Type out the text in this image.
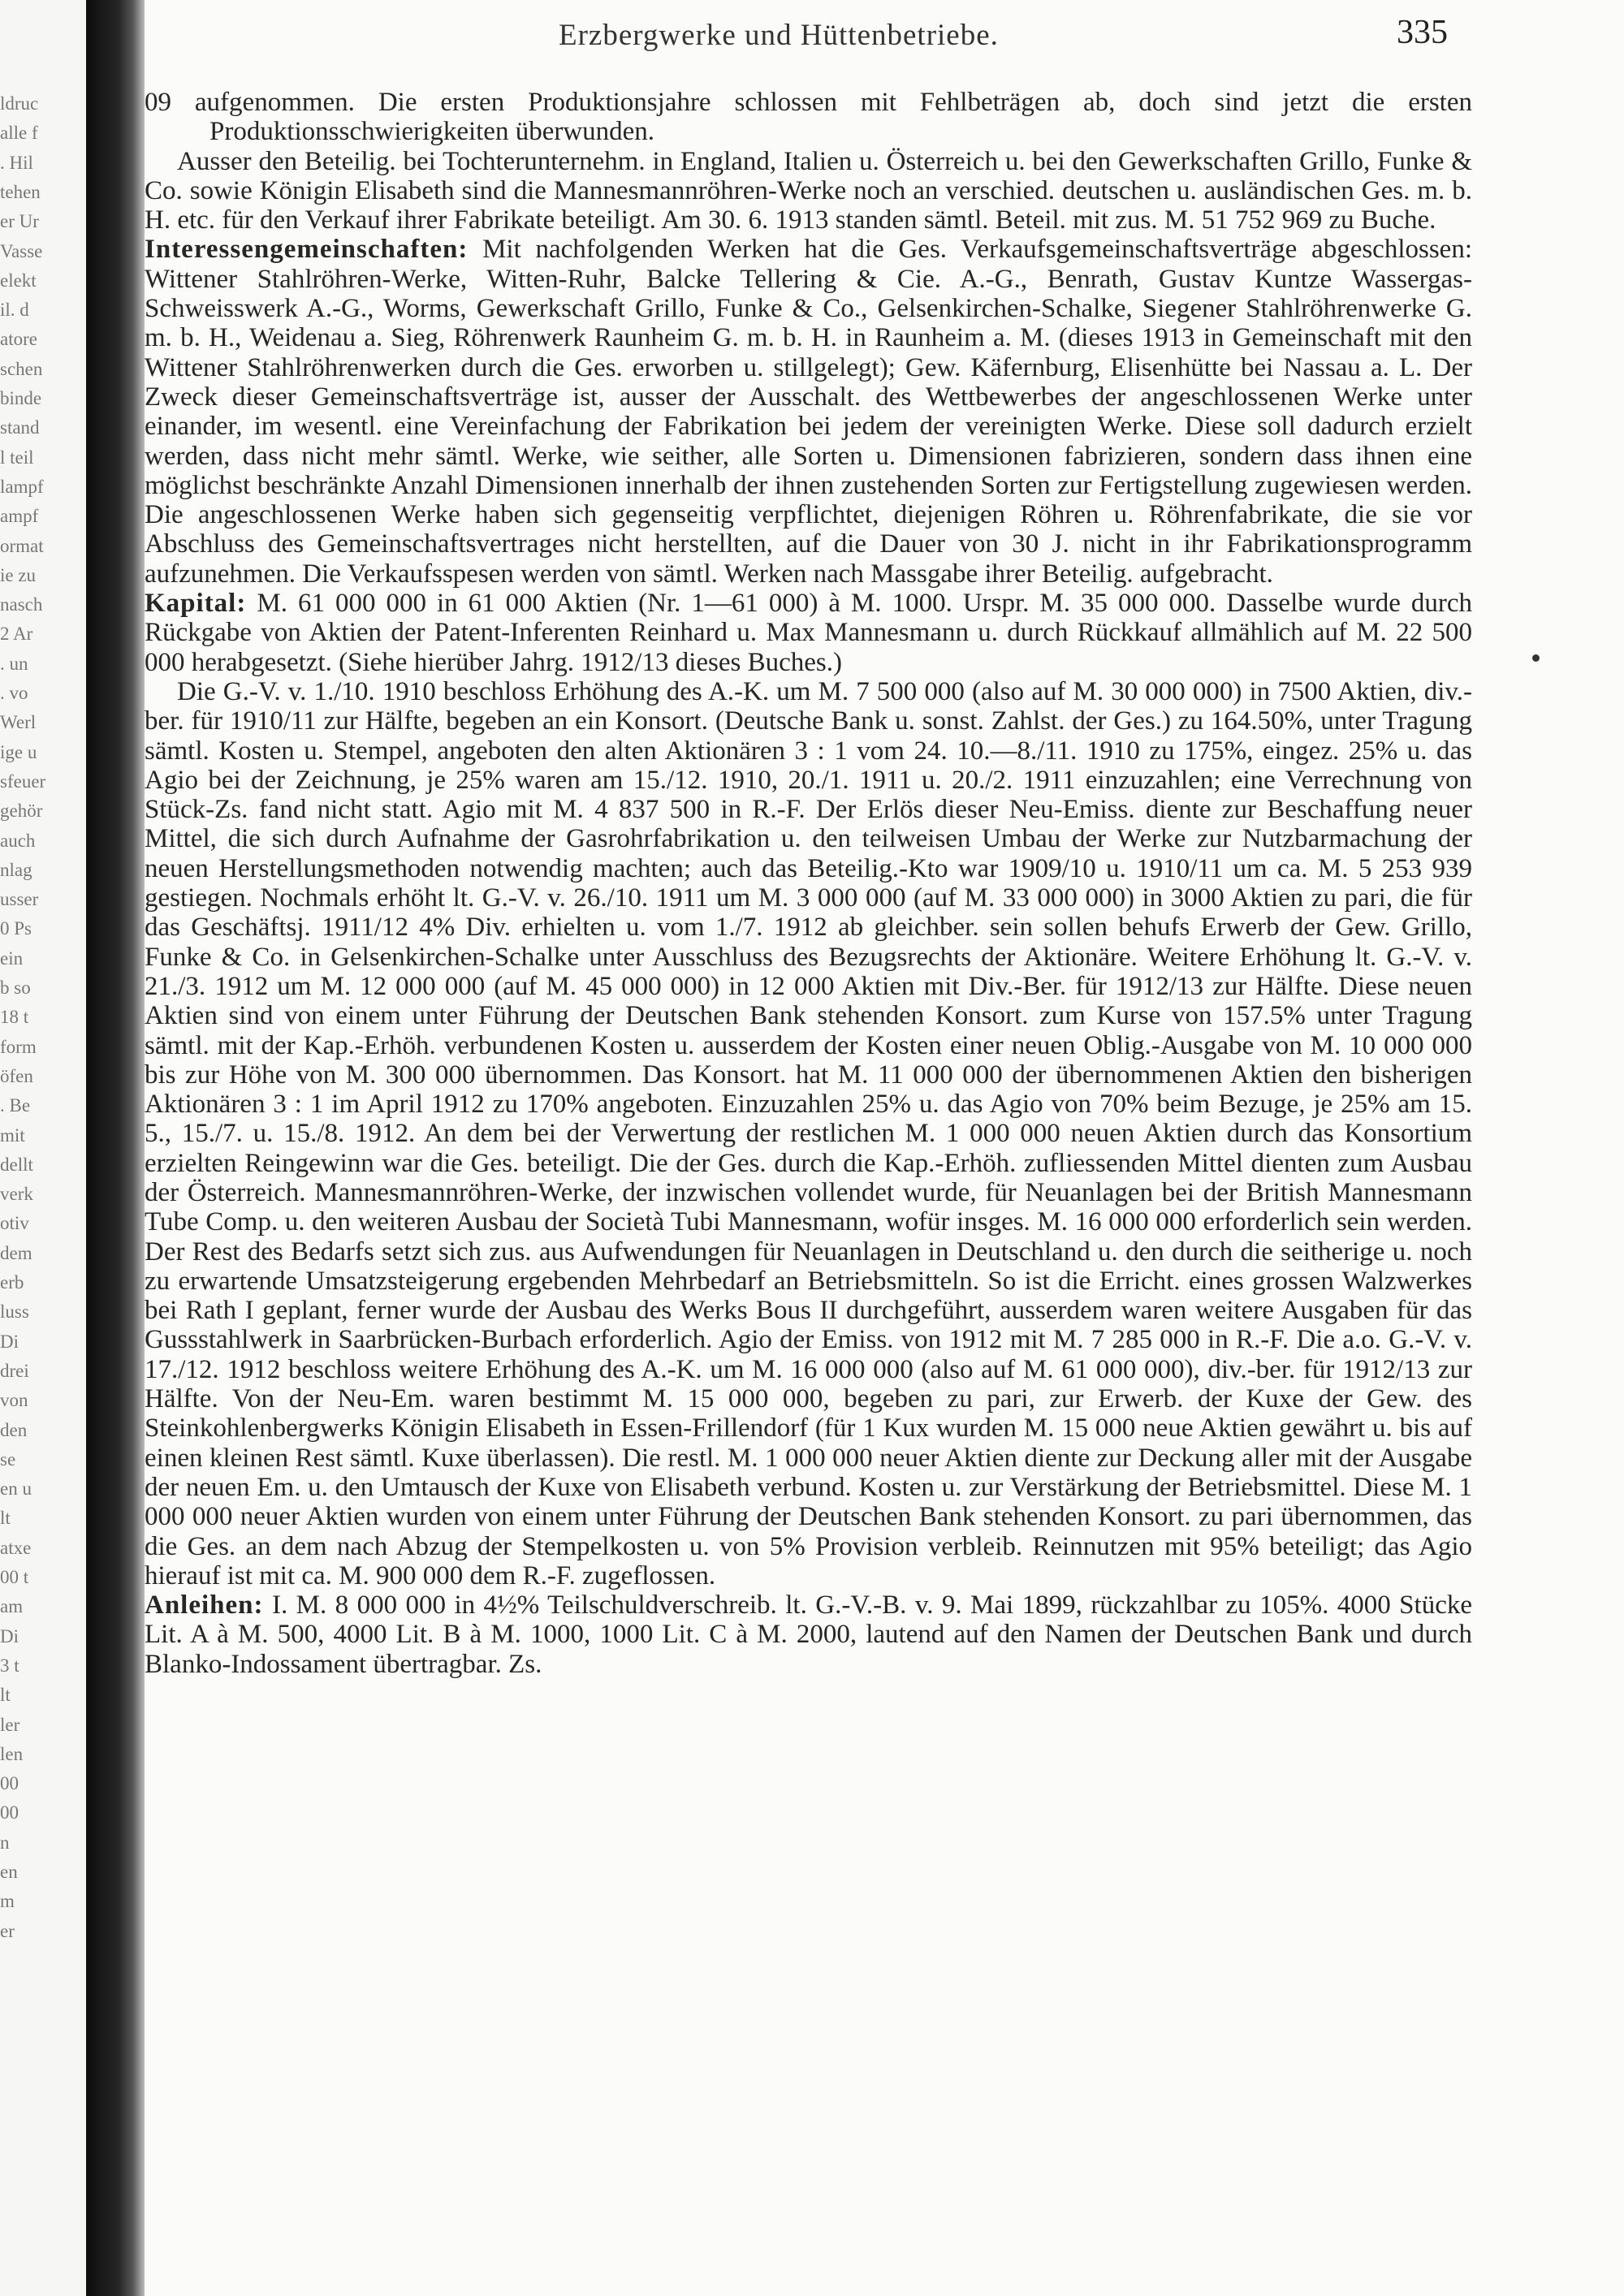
ldruc
alle f
. Hil
tehen
er Ur
Vasse
elekt
il. d
atore
schen
binde
stand
l teil
lampf
ampf
ormat
ie zu
nasch
2 Ar
. un
. vo
Werl
ige u
sfeuer
gehör
auch
nlag
usser
0 Ps
ein
b so
18 t
form
öfen
. Be
mit
dellt
verk
otiv
dem
erb
luss
Di
drei
von
den
se
en u
lt
atxe
00 t
am
Di
3 t
lt
ler
len
00
00
n
en
m
er
Erzbergwerke und Hüttenbetriebe.	335

09 aufgenommen. Die ersten Produktionsjahre schlossen mit Fehlbeträgen ab, doch sind jetzt die ersten Produktionsschwierigkeiten überwunden.

Ausser den Beteilig. bei Tochterunternehm. in England, Italien u. Österreich u. bei den Gewerkschaften Grillo, Funke & Co. sowie Königin Elisabeth sind die Mannesmannröhren-Werke noch an verschied. deutschen u. ausländischen Ges. m. b. H. etc. für den Verkauf ihrer Fabrikate beteiligt. Am 30. 6. 1913 standen sämtl. Beteil. mit zus. M. 51 752 969 zu Buche.

Interessengemeinschaften: Mit nachfolgenden Werken hat die Ges. Verkaufsgemeinschaftsverträge abgeschlossen: Wittener Stahlröhren-Werke, Witten-Ruhr, Balcke Tellering & Cie. A.-G., Benrath, Gustav Kuntze Wassergas-Schweisswerk A.-G., Worms, Gewerkschaft Grillo, Funke & Co., Gelsenkirchen-Schalke, Siegener Stahlröhrenwerke G. m. b. H., Weidenau a. Sieg, Röhrenwerk Raunheim G. m. b. H. in Raunheim a. M. (dieses 1913 in Gemeinschaft mit den Wittener Stahlröhrenwerken durch die Ges. erworben u. stillgelegt); Gew. Käfernburg, Elisenhütte bei Nassau a. L. Der Zweck dieser Gemeinschaftsverträge ist, ausser der Ausschalt. des Wettbewerbes der angeschlossenen Werke unter einander, im wesentl. eine Vereinfachung der Fabrikation bei jedem der vereinigten Werke. Diese soll dadurch erzielt werden, dass nicht mehr sämtl. Werke, wie seither, alle Sorten u. Dimensionen fabrizieren, sondern dass ihnen eine möglichst beschränkte Anzahl Dimensionen innerhalb der ihnen zustehenden Sorten zur Fertigstellung zugewiesen werden. Die angeschlossenen Werke haben sich gegenseitig verpflichtet, diejenigen Röhren u. Röhrenfabrikate, die sie vor Abschluss des Gemeinschaftsvertrages nicht herstellten, auf die Dauer von 30 J. nicht in ihr Fabrikationsprogramm aufzunehmen. Die Verkaufsspesen werden von sämtl. Werken nach Massgabe ihrer Beteilig. aufgebracht.

Kapital: M. 61 000 000 in 61 000 Aktien (Nr. 1—61 000) à M. 1000. Urspr. M. 35 000 000. Dasselbe wurde durch Rückgabe von Aktien der Patent-Inferenten Reinhard u. Max Mannesmann u. durch Rückkauf allmählich auf M. 22 500 000 herabgesetzt. (Siehe hierüber Jahrg. 1912/13 dieses Buches.)

Die G.-V. v. 1./10. 1910 beschloss Erhöhung des A.-K. um M. 7 500 000 (also auf M. 30 000 000) in 7500 Aktien, div.-ber. für 1910/11 zur Hälfte, begeben an ein Konsort. (Deutsche Bank u. sonst. Zahlst. der Ges.) zu 164.50%, unter Tragung sämtl. Kosten u. Stempel, angeboten den alten Aktionären 3 : 1 vom 24. 10.—8./11. 1910 zu 175%, eingez. 25% u. das Agio bei der Zeichnung, je 25% waren am 15./12. 1910, 20./1. 1911 u. 20./2. 1911 einzuzahlen; eine Verrechnung von Stück-Zs. fand nicht statt. Agio mit M. 4 837 500 in R.-F. Der Erlös dieser Neu-Emiss. diente zur Beschaffung neuer Mittel, die sich durch Aufnahme der Gasrohrfabrikation u. den teilweisen Umbau der Werke zur Nutzbarmachung der neuen Herstellungsmethoden notwendig machten; auch das Beteilig.-Kto war 1909/10 u. 1910/11 um ca. M. 5 253 939 gestiegen. Nochmals erhöht lt. G.-V. v. 26./10. 1911 um M. 3 000 000 (auf M. 33 000 000) in 3000 Aktien zu pari, die für das Geschäftsj. 1911/12 4% Div. erhielten u. vom 1./7. 1912 ab gleichber. sein sollen behufs Erwerb der Gew. Grillo, Funke & Co. in Gelsenkirchen-Schalke unter Ausschluss des Bezugsrechts der Aktionäre. Weitere Erhöhung lt. G.-V. v. 21./3. 1912 um M. 12 000 000 (auf M. 45 000 000) in 12 000 Aktien mit Div.-Ber. für 1912/13 zur Hälfte. Diese neuen Aktien sind von einem unter Führung der Deutschen Bank stehenden Konsort. zum Kurse von 157.5% unter Tragung sämtl. mit der Kap.-Erhöh. verbundenen Kosten u. ausserdem der Kosten einer neuen Oblig.-Ausgabe von M. 10 000 000 bis zur Höhe von M. 300 000 übernommen. Das Konsort. hat M. 11 000 000 der übernommenen Aktien den bisherigen Aktionären 3 : 1 im April 1912 zu 170% angeboten. Einzuzahlen 25% u. das Agio von 70% beim Bezuge, je 25% am 15. 5., 15./7. u. 15./8. 1912. An dem bei der Verwertung der restlichen M. 1 000 000 neuen Aktien durch das Konsortium erzielten Reingewinn war die Ges. beteiligt. Die der Ges. durch die Kap.-Erhöh. zufliessenden Mittel dienten zum Ausbau der Österreich. Mannesmannröhren-Werke, der inzwischen vollendet wurde, für Neuanlagen bei der British Mannesmann Tube Comp. u. den weiteren Ausbau der Società Tubi Mannesmann, wofür insges. M. 16 000 000 erforderlich sein werden. Der Rest des Bedarfs setzt sich zus. aus Aufwendungen für Neuanlagen in Deutschland u. den durch die seitherige u. noch zu erwartende Umsatzsteigerung ergebenden Mehrbedarf an Betriebsmitteln. So ist die Erricht. eines grossen Walzwerkes bei Rath I geplant, ferner wurde der Ausbau des Werks Bous II durchgeführt, ausserdem waren weitere Ausgaben für das Gussstahlwerk in Saarbrücken-Burbach erforderlich. Agio der Emiss. von 1912 mit M. 7 285 000 in R.-F. Die a.o. G.-V. v. 17./12. 1912 beschloss weitere Erhöhung des A.-K. um M. 16 000 000 (also auf M. 61 000 000), div.-ber. für 1912/13 zur Hälfte. Von der Neu-Em. waren bestimmt M. 15 000 000, begeben zu pari, zur Erwerb. der Kuxe der Gew. des Steinkohlenbergwerks Königin Elisabeth in Essen-Frillendorf (für 1 Kux wurden M. 15 000 neue Aktien gewährt u. bis auf einen kleinen Rest sämtl. Kuxe überlassen). Die restl. M. 1 000 000 neuer Aktien diente zur Deckung aller mit der Ausgabe der neuen Em. u. den Umtausch der Kuxe von Elisabeth verbund. Kosten u. zur Verstärkung der Betriebsmittel. Diese M. 1 000 000 neuer Aktien wurden von einem unter Führung der Deutschen Bank stehenden Konsort. zu pari übernommen, das die Ges. an dem nach Abzug der Stempelkosten u. von 5% Provision verbleib. Reinnutzen mit 95% beteiligt; das Agio hierauf ist mit ca. M. 900 000 dem R.-F. zugeflossen.

Anleihen: I. M. 8 000 000 in 4½% Teilschuldverschreib. lt. G.-V.-B. v. 9. Mai 1899, rückzahlbar zu 105%. 4000 Stücke Lit. A à M. 500, 4000 Lit. B à M. 1000, 1000 Lit. C à M. 2000, lautend auf den Namen der Deutschen Bank und durch Blanko-Indossament übertragbar. Zs.
